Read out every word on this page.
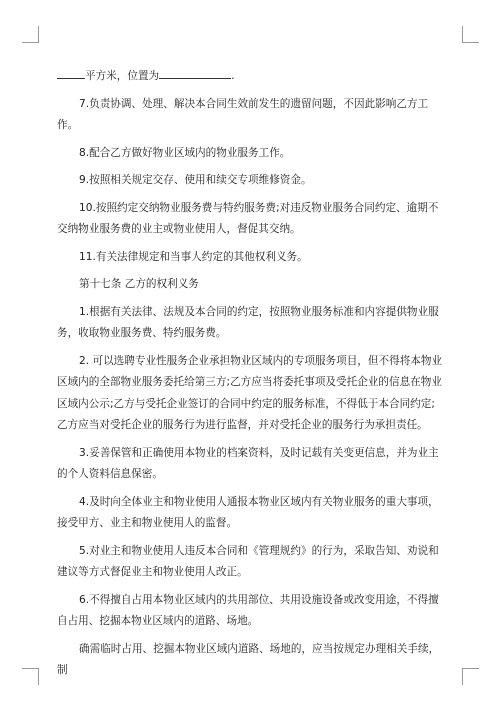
平方米，位置为	.

7.负责协调、处理、解决本合同生效前发生的遗留问题，不因此影响乙方工作。

8.配合乙方做好物业区域内的物业服务工作。

9.按照相关规定交存、使用和续交专项维修资金。

10.按照约定交纳物业服务费与特约服务费;对违反物业服务合同约定、逾期不交纳物业服务费的业主或物业使用人，督促其交纳。

11.有关法律规定和当事人约定的其他权利义务。

第十七条 乙方的权利义务

1.根据有关法律、法规及本合同的约定，按照物业服务标准和内容提供物业服务，收取物业服务费、特约服务费。

2. 可以选聘专业性服务企业承担物业区域内的专项服务项目，但不得将本物业区域内的全部物业服务委托给第三方;乙方应当将委托事项及受托企业的信息在物业区域内公示;乙方与受托企业签订的合同中约定的服务标准，不得低于本合同约定;乙方应当对受托企业的服务行为进行监督，并对受托企业的服务行为承担责任。

3.妥善保管和正确使用本物业的档案资料，及时记载有关变更信息，并为业主的个人资料信息保密。

4.及时向全体业主和物业使用人通报本物业区域内有关物业服务的重大事项，接受甲方、业主和物业使用人的监督。

5.对业主和物业使用人违反本合同和《管理规约》的行为，采取告知、劝说和建议等方式督促业主和物业使用人改正。

6.不得擅自占用本物业区域内的共用部位、共用设施设备或改变用途，不得擅自占用、挖掘本物业区域内的道路、场地。

确需临时占用、挖掘本物业区域内道路、场地的，应当按规定办理相关手续，制
